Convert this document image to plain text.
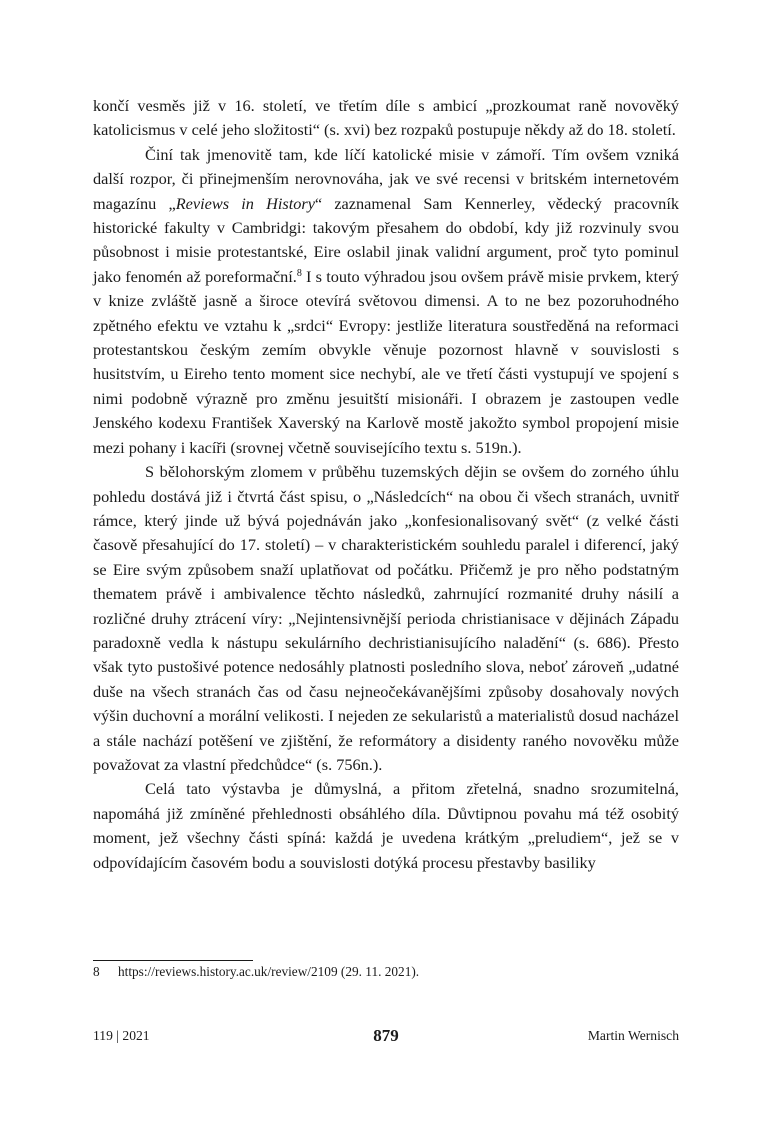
končí vesměs již v 16. století, ve třetím díle s ambicí „prozkoumat raně novověký katolicismus v celé jeho složitosti“ (s. xvi) bez rozpaků postupuje někdy až do 18. století.

Činí tak jmenovitě tam, kde líčí katolické misie v zámoří. Tím ovšem vzniká další rozpor, či přinejmenším nerovnováha, jak ve své recensi v britském internetovém magazínu „Reviews in History“ zaznamenal Sam Kennerley, vědecký pracovník historické fakulty v Cambridgi: takovým přesahem do období, kdy již rozvinuly svou působnost i misie protestantské, Eire oslabil jinak validní argument, proč tyto pominul jako fenomén až poreformační.$^8$ I s touto výhradou jsou ovšem právě misie prvkem, který v knize zvláště jasně a široce otevírá světovou dimensi. A to ne bez pozoruhodného zpětného efektu ve vztahu k „srdci“ Evropy: jestliže literatura soustředěná na reformaci protestantskou českým zemím obvykle věnuje pozornost hlavně v souvislosti s husitstvím, u Eireho tento moment sice nechybí, ale ve třetí části vystupují ve spojení s nimi podobně výrazně pro změnu jesuitští misionáři. I obrazem je zastoupen vedle Jenského kodexu František Xaverský na Karlově mostě jakožto symbol propojení misie mezi pohany i kacíři (srovnej včetně souvisejícího textu s. 519n.).

S bělohorským zlomem v průběhu tuzemských dějin se ovšem do zorného úhlu pohledu dostává již i čtvrtá část spisu, o „Následcích“ na obou či všech stranách, uvnitř rámce, který jinde už bývá pojednáván jako „konfesionalisovaný svět“ (z velké části časově přesahující do 17. století) – v charakteristickém souhledu paralel i diferencí, jaký se Eire svým způsobem snaží uplatňovat od počátku. Přičemž je pro něho podstatným thematem právě i ambivalence těchto následků, zahrnující rozmanité druhy násilí a rozličné druhy ztrácení víry: „Nejintensivnější perioda christianisace v dějinách Západu paradoxně vedla k nástupu sekulárního dechristianisujícího naladění“ (s. 686). Přesto však tyto pustošivé potence nedosáhly platnosti posledního slova, neboť zároveň „udatné duše na všech stranách čas od času nejneočekávanějšími způsoby dosahovaly nových výšin duchovní a morální velikosti. I nejeden ze sekularistů a materialistů dosud nacházel a stále nachází potěšení ve zjištění, že reformátory a disidenty raného novověku může považovat za vlastní předchůdce“ (s. 756n.).

Celá tato výstavba je důmyslná, a přitom zřetelná, snadno srozumitelná, napomáhá již zmíněné přehlednosti obsáhlého díla. Důvtipnou povahu má též osobitý moment, jež všechny části spíná: každá je uvedena krátkým „preludiem“, jež se v odpovídajícím časovém bodu a souvislosti dotýká procesu přestavby basiliky

8 https://reviews.history.ac.uk/review/2109 (29. 11. 2021).
119 | 2021	879	Martin Wernisch
